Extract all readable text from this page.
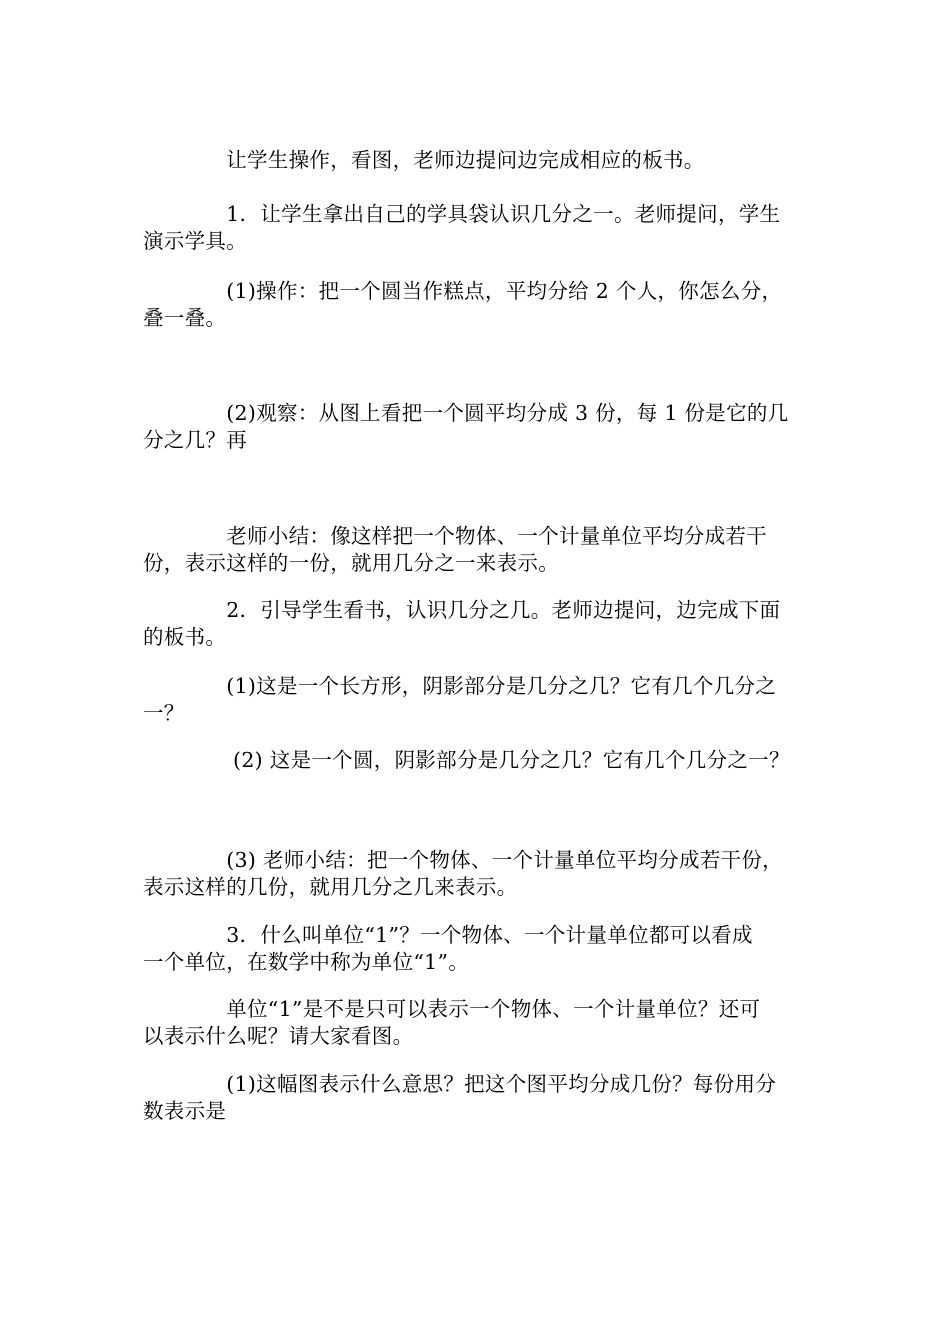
　　　　让学生操作，看图，老师边提问边完成相应的板书。

　　　　1．让学生拿出自己的学具袋认识几分之一。老师提问，学生
演示学具。

　　　　(1)操作：把一个圆当作糕点，平均分给 2 个人，你怎么分，
叠一叠。

　　　　(2)观察：从图上看把一个圆平均分成 3 份，每 1 份是它的几
分之几？再

　　　　老师小结：像这样把一个物体、一个计量单位平均分成若干
份，表示这样的一份，就用几分之一来表示。

　　　　2．引导学生看书，认识几分之几。老师边提问，边完成下面
的板书。

　　　　(1)这是一个长方形，阴影部分是几分之几？它有几个几分之
一？

　　　　 (2) 这是一个圆，阴影部分是几分之几？它有几个几分之一？

　　　　(3) 老师小结：把一个物体、一个计量单位平均分成若干份，
表示这样的几份，就用几分之几来表示。

　　　　3．什么叫单位“1”？一个物体、一个计量单位都可以看成
一个单位，在数学中称为单位“1”。

　　　　单位“1”是不是只可以表示一个物体、一个计量单位？还可
以表示什么呢？请大家看图。

　　　　(1)这幅图表示什么意思？把这个图平均分成几份？每份用分
数表示是
